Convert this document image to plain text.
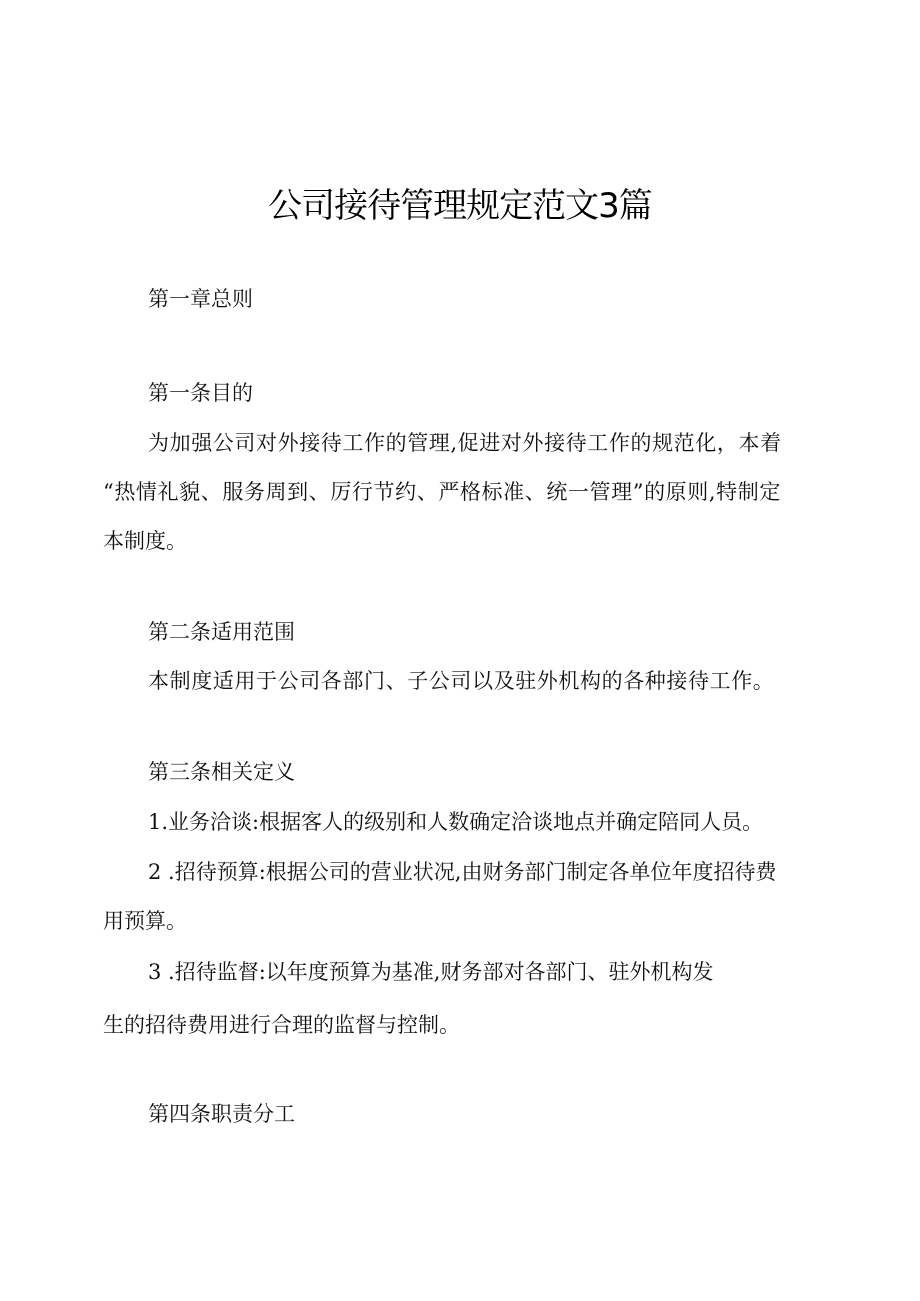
公司接待管理规定范文3篇

第一章总则

第一条目的

为加强公司对外接待工作的管理,促进对外接待工作的规范化，本着

“热情礼貌、服务周到、厉行节约、严格标准、统一管理”的原则,特制定

本制度。

第二条适用范围

本制度适用于公司各部门、子公司以及驻外机构的各种接待工作。

第三条相关定义

1.业务洽谈:根据客人的级别和人数确定洽谈地点并确定陪同人员。

2 .招待预算:根据公司的营业状况,由财务部门制定各单位年度招待费

用预算。

3 .招待监督:以年度预算为基准,财务部对各部门、驻外机构发

生的招待费用进行合理的监督与控制。

第四条职责分工
